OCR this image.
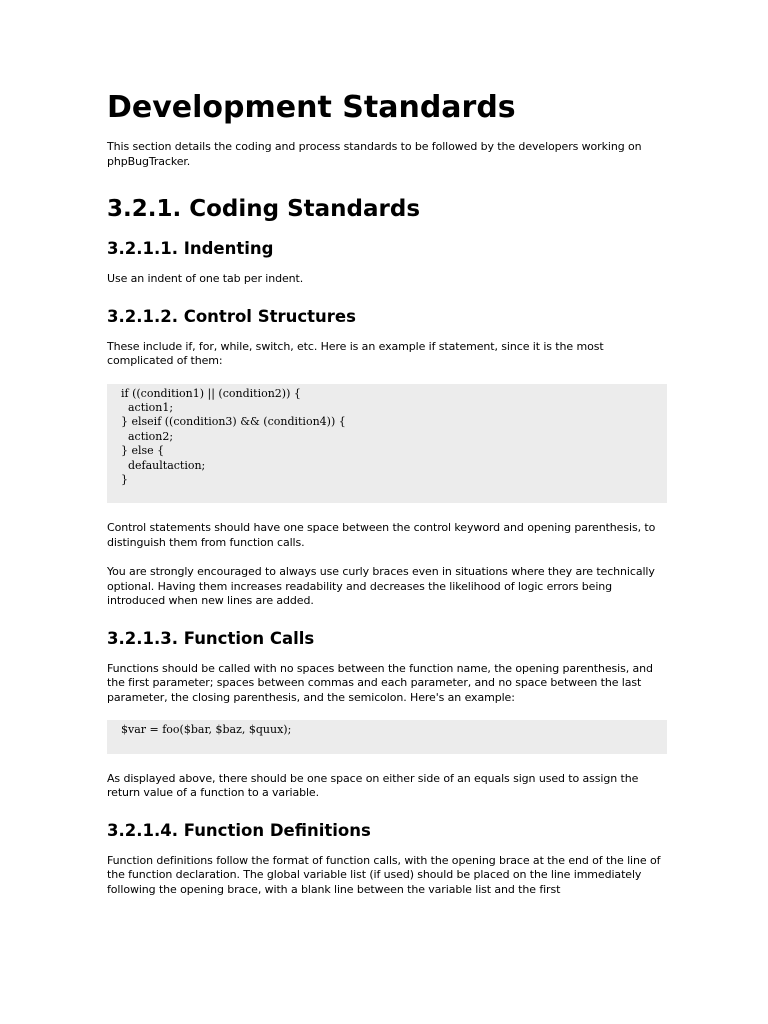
Development Standards

This section details the coding and process standards to be followed by the developers working on phpBugTracker.

3.2.1. Coding Standards
3.2.1.1. Indenting

Use an indent of one tab per indent.

3.2.1.2. Control Structures

These include if, for, while, switch, etc. Here is an example if statement, since it is the most complicated of them:

if ((condition1) || (condition2)) {
action1;
} elseif ((condition3) && (condition4)) {
action2;
} else {
defaultaction;
}

Control statements should have one space between the control keyword and opening parenthesis, to distinguish them from function calls.

You are strongly encouraged to always use curly braces even in situations where they are technically optional. Having them increases readability and decreases the likelihood of logic errors being introduced when new lines are added.

3.2.1.3. Function Calls

Functions should be called with no spaces between the function name, the opening parenthesis, and the first parameter; spaces between commas and each parameter, and no space between the last parameter, the closing parenthesis, and the semicolon. Here's an example:

$var = foo($bar, $baz, $quux);

As displayed above, there should be one space on either side of an equals sign used to assign the return value of a function to a variable.

3.2.1.4. Function Definitions

Function definitions follow the format of function calls, with the opening brace at the end of the line of the function declaration. The global variable list (if used) should be placed on the line immediately following the opening brace, with a blank line between the variable list and the first
